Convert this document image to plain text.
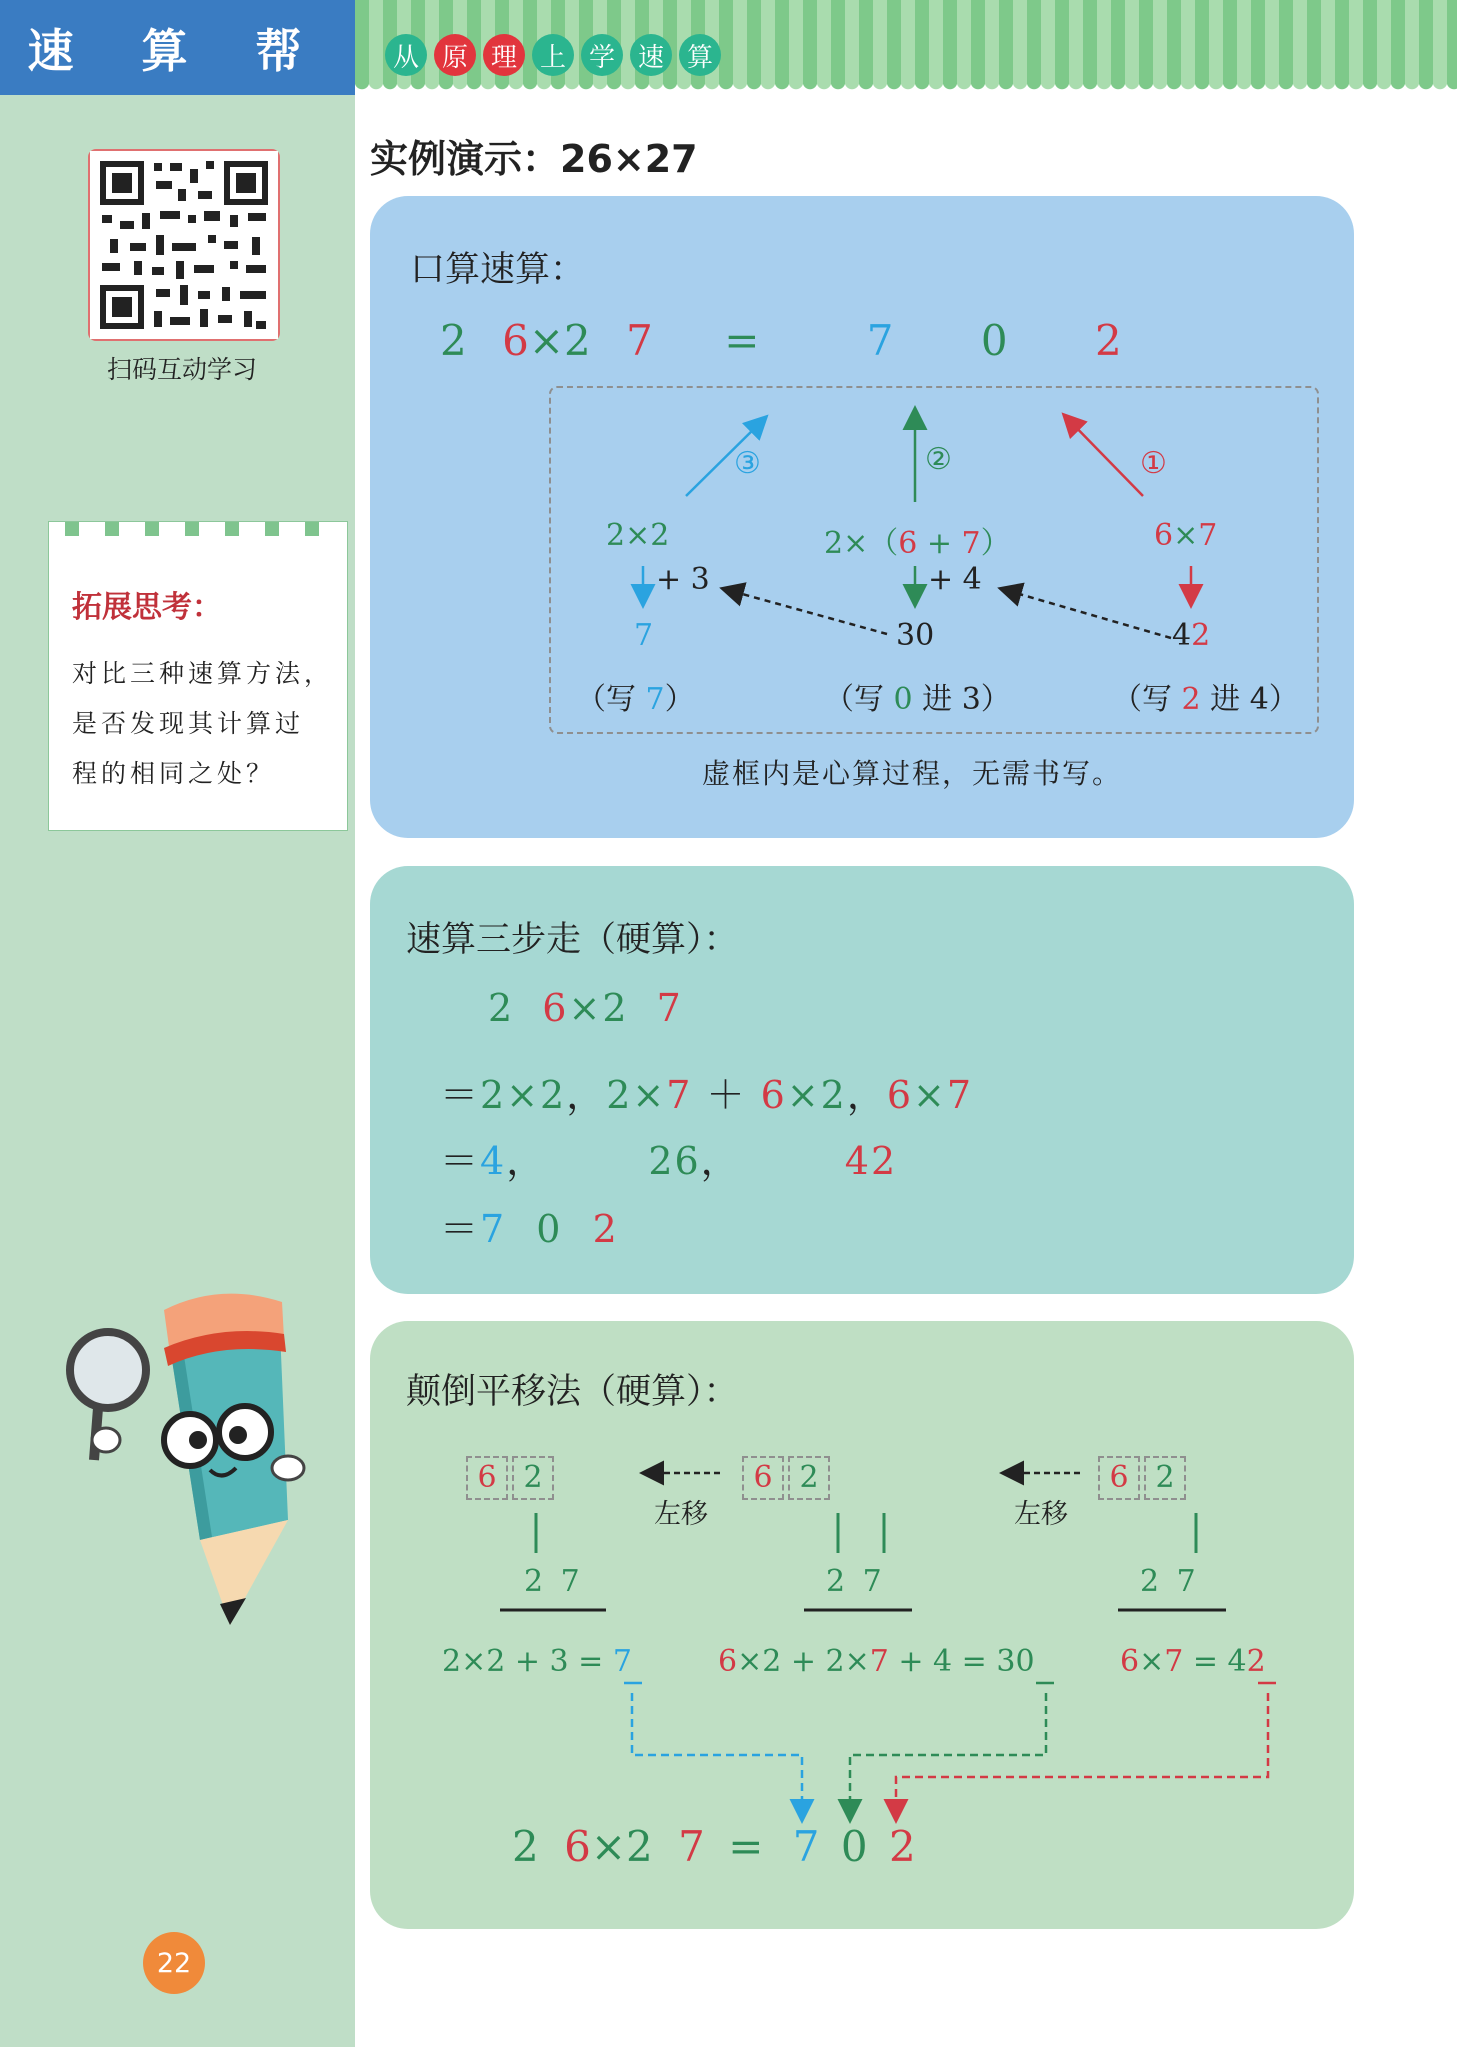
速 算 帮
扫码互动学习
拓展思考：
对比三种速算方法，
是否发现其计算过
程的相同之处？
22
从 原 理 上 学 速 算
实例演示：26×27
口算速算：
2 6×2 7 =	7 0 2
③	②	①
2×2
+ 3
7
（写 7）
2×（6 + 7）
+ 4
30
（写 0 进 3）
6×7
42
（写 2 进 4）
虚框内是心算过程，无需书写。
速算三步走（硬算）：
2 6×2 7
＝2×2，2×7 ＋ 6×2，6×7
＝4，	26，	42
＝7 0 2
颠倒平移法（硬算）：
6 2	6 2	6 2
左移	左移
2 7	2 7	2 7
2×2 + 3 = 7	6×2 + 2×7 + 4 = 30	6×7 = 42
2 6×2 7 = 7 0 2
